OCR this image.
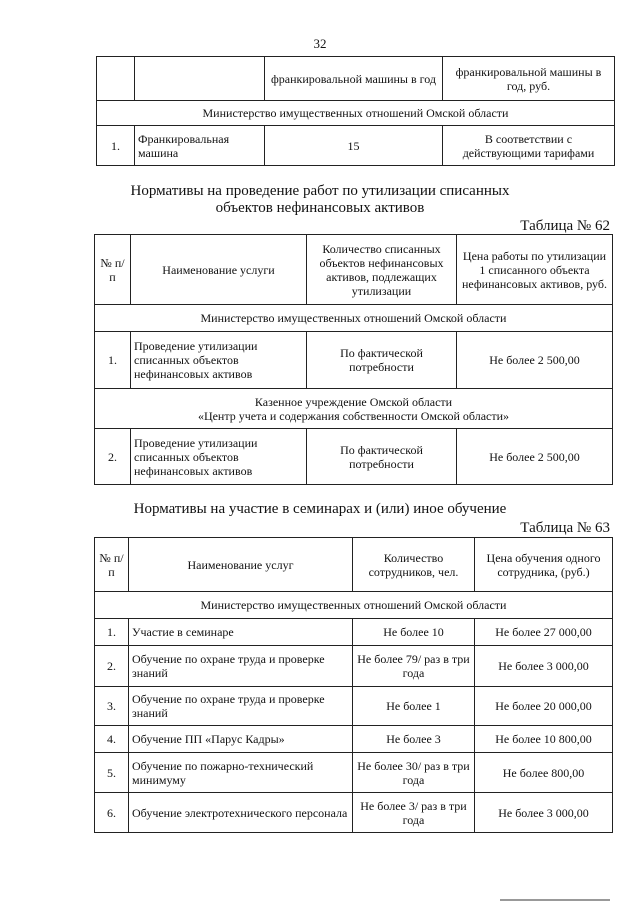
32
		франкировальной машины в год	франкировальной машины в год, руб.
Министерство имущественных отношений Омской области			
1.	Франкировальная машина	15	В соответствии с действующими тарифами
Нормативы на проведение работ по утилизации списанных
объектов нефинансовых активов
Таблица № 62
№ п/п	Наименование услуги	Количество списанных объектов нефинансовых активов, подлежащих утилизации	Цена работы по утилизации 1 списанного объекта нефинансовых активов, руб.
Министерство имущественных отношений Омской области			
1.	Проведение утилизации списанных объектов нефинансовых активов	По фактической потребности	Не более 2 500,00

Казенное учреждение Омской области
«Центр учета и содержания собственности Омской области»			

2.	Проведение утилизации списанных объектов нефинансовых активов	По фактической потребности	Не более 2 500,00
Нормативы на участие в семинарах и (или) иное обучение
Таблица № 63
№ п/п	Наименование услуг	Количество сотрудников, чел.	Цена обучения одного сотрудника, (руб.)
Министерство имущественных отношений Омской области			
1.	Участие в семинаре	Не более 10	Не более 27 000,00
2.	Обучение по охране труда и проверке знаний	Не более 79/ раз в три года	Не более 3 000,00
3.	Обучение по охране труда и проверке знаний	Не более 1	Не более 20 000,00
4.	Обучение ПП «Парус Кадры»	Не более 3	Не более 10 800,00
5.	Обучение по пожарно-технический минимуму	Не более 30/ раз в три года	Не более 800,00
6.	Обучение электротехнического персонала	Не более 3/ раз в три года	Не более 3 000,00
